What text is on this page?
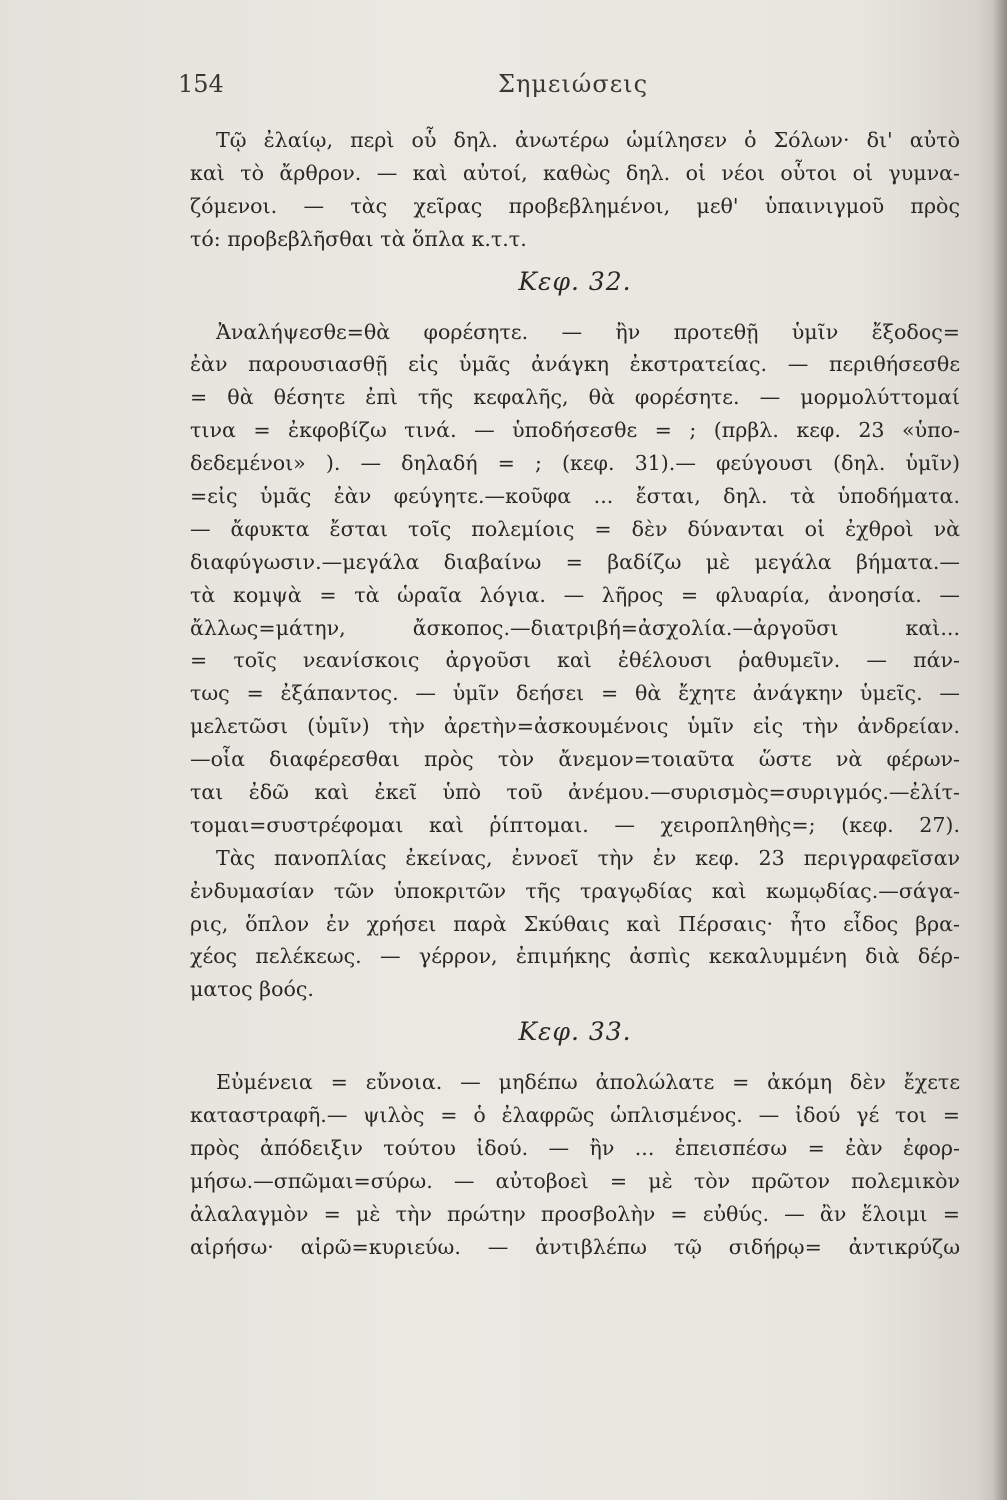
154	Σημειώσεις
Τῷ ἐλαίῳ, περὶ οὗ δηλ. ἀνωτέρω ὡμίλησεν ὁ Σόλων· δι' αὐτὸ
καὶ τὸ ἄρθρον. — καὶ αὐτοί, καθὼς δηλ. οἱ νέοι οὗτοι οἱ γυμνα-
ζόμενοι. — τὰς χεῖρας προβεβλημένοι, μεθ' ὑπαινιγμοῦ πρὸς
τό: προβεβλῆσθαι τὰ ὅπλα κ.τ.τ.
Κεφ. 32.
Ἀναλήψεσθε=θὰ φορέσητε. — ἢν προτεθῇ ὑμῖν ἔξοδος=
ἐὰν παρουσιασθῇ εἰς ὑμᾶς ἀνάγκη ἐκστρατείας. — περιθήσεσθε
= θὰ θέσητε ἐπὶ τῆς κεφαλῆς, θὰ φορέσητε. — μορμολύττομαί
τινα = ἐκφοβίζω τινά. — ὑποδήσεσθε = ; (πρβλ. κεφ. 23 «ὑπο-
δεδεμένοι» ). — δηλαδή = ; (κεφ. 31).— φεύγουσι (δηλ. ὑμῖν)
=εἰς ὑμᾶς ἐὰν φεύγητε.—κοῦφα ... ἔσται, δηλ. τὰ ὑποδήματα.
— ἄφυκτα ἔσται τοῖς πολεμίοις = δὲν δύνανται οἱ ἐχθροὶ νὰ
διαφύγωσιν.—μεγάλα διαβαίνω = βαδίζω μὲ μεγάλα βήματα.—
τὰ κομψὰ = τὰ ὡραῖα λόγια. — λῆρος = φλυαρία, ἀνοησία. —
ἄλλως=μάτην, ἄσκοπος.—διατριβή=ἀσχολία.—ἀργοῦσι καὶ...
= τοῖς νεανίσκοις ἀργοῦσι καὶ ἐθέλουσι ῥαθυμεῖν. — πάν-
τως = ἐξάπαντος. — ὑμῖν δεήσει = θὰ ἔχητε ἀνάγκην ὑμεῖς. —
μελετῶσι (ὑμῖν) τὴν ἀρετὴν=ἀσκουμένοις ὑμῖν εἰς τὴν ἀνδρείαν.
—οἷα διαφέρεσθαι πρὸς τὸν ἄνεμον=τοιαῦτα ὥστε νὰ φέρων-
ται ἐδῶ καὶ ἐκεῖ ὑπὸ τοῦ ἀνέμου.—συρισμὸς=συριγμός.—ἐλίτ-
τομαι=συστρέφομαι καὶ ῥίπτομαι. — χειροπληθὴς=; (κεφ. 27).
Τὰς πανοπλίας ἐκείνας, ἐννοεῖ τὴν ἐν κεφ. 23 περιγραφεῖσαν
ἐνδυμασίαν τῶν ὑποκριτῶν τῆς τραγῳδίας καὶ κωμῳδίας.—σάγα-
ρις, ὅπλον ἐν χρήσει παρὰ Σκύθαις καὶ Πέρσαις· ἦτο εἶδος βρα-
χέος πελέκεως. — γέρρον, ἐπιμήκης ἀσπὶς κεκαλυμμένη διὰ δέρ-
ματος βοός.
Κεφ. 33.
Εὐμένεια = εὔνοια. — μηδέπω ἀπολώλατε = ἀκόμη δὲν ἔχετε
καταστραφῆ.— ψιλὸς = ὁ ἐλαφρῶς ὡπλισμένος. — ἰδού γέ τοι =
πρὸς ἀπόδειξιν τούτου ἰδού. — ἢν ... ἐπεισπέσω = ἐὰν ἐφορ-
μήσω.—σπῶμαι=σύρω. — αὐτοβοεὶ = μὲ τὸν πρῶτον πολεμικὸν
ἀλαλαγμὸν = μὲ τὴν πρώτην προσβολὴν = εὐθύς. — ἂν ἕλοιμι =
αἱρήσω· αἱρῶ=κυριεύω. — ἀντιβλέπω τῷ σιδήρῳ= ἀντικρύζω
